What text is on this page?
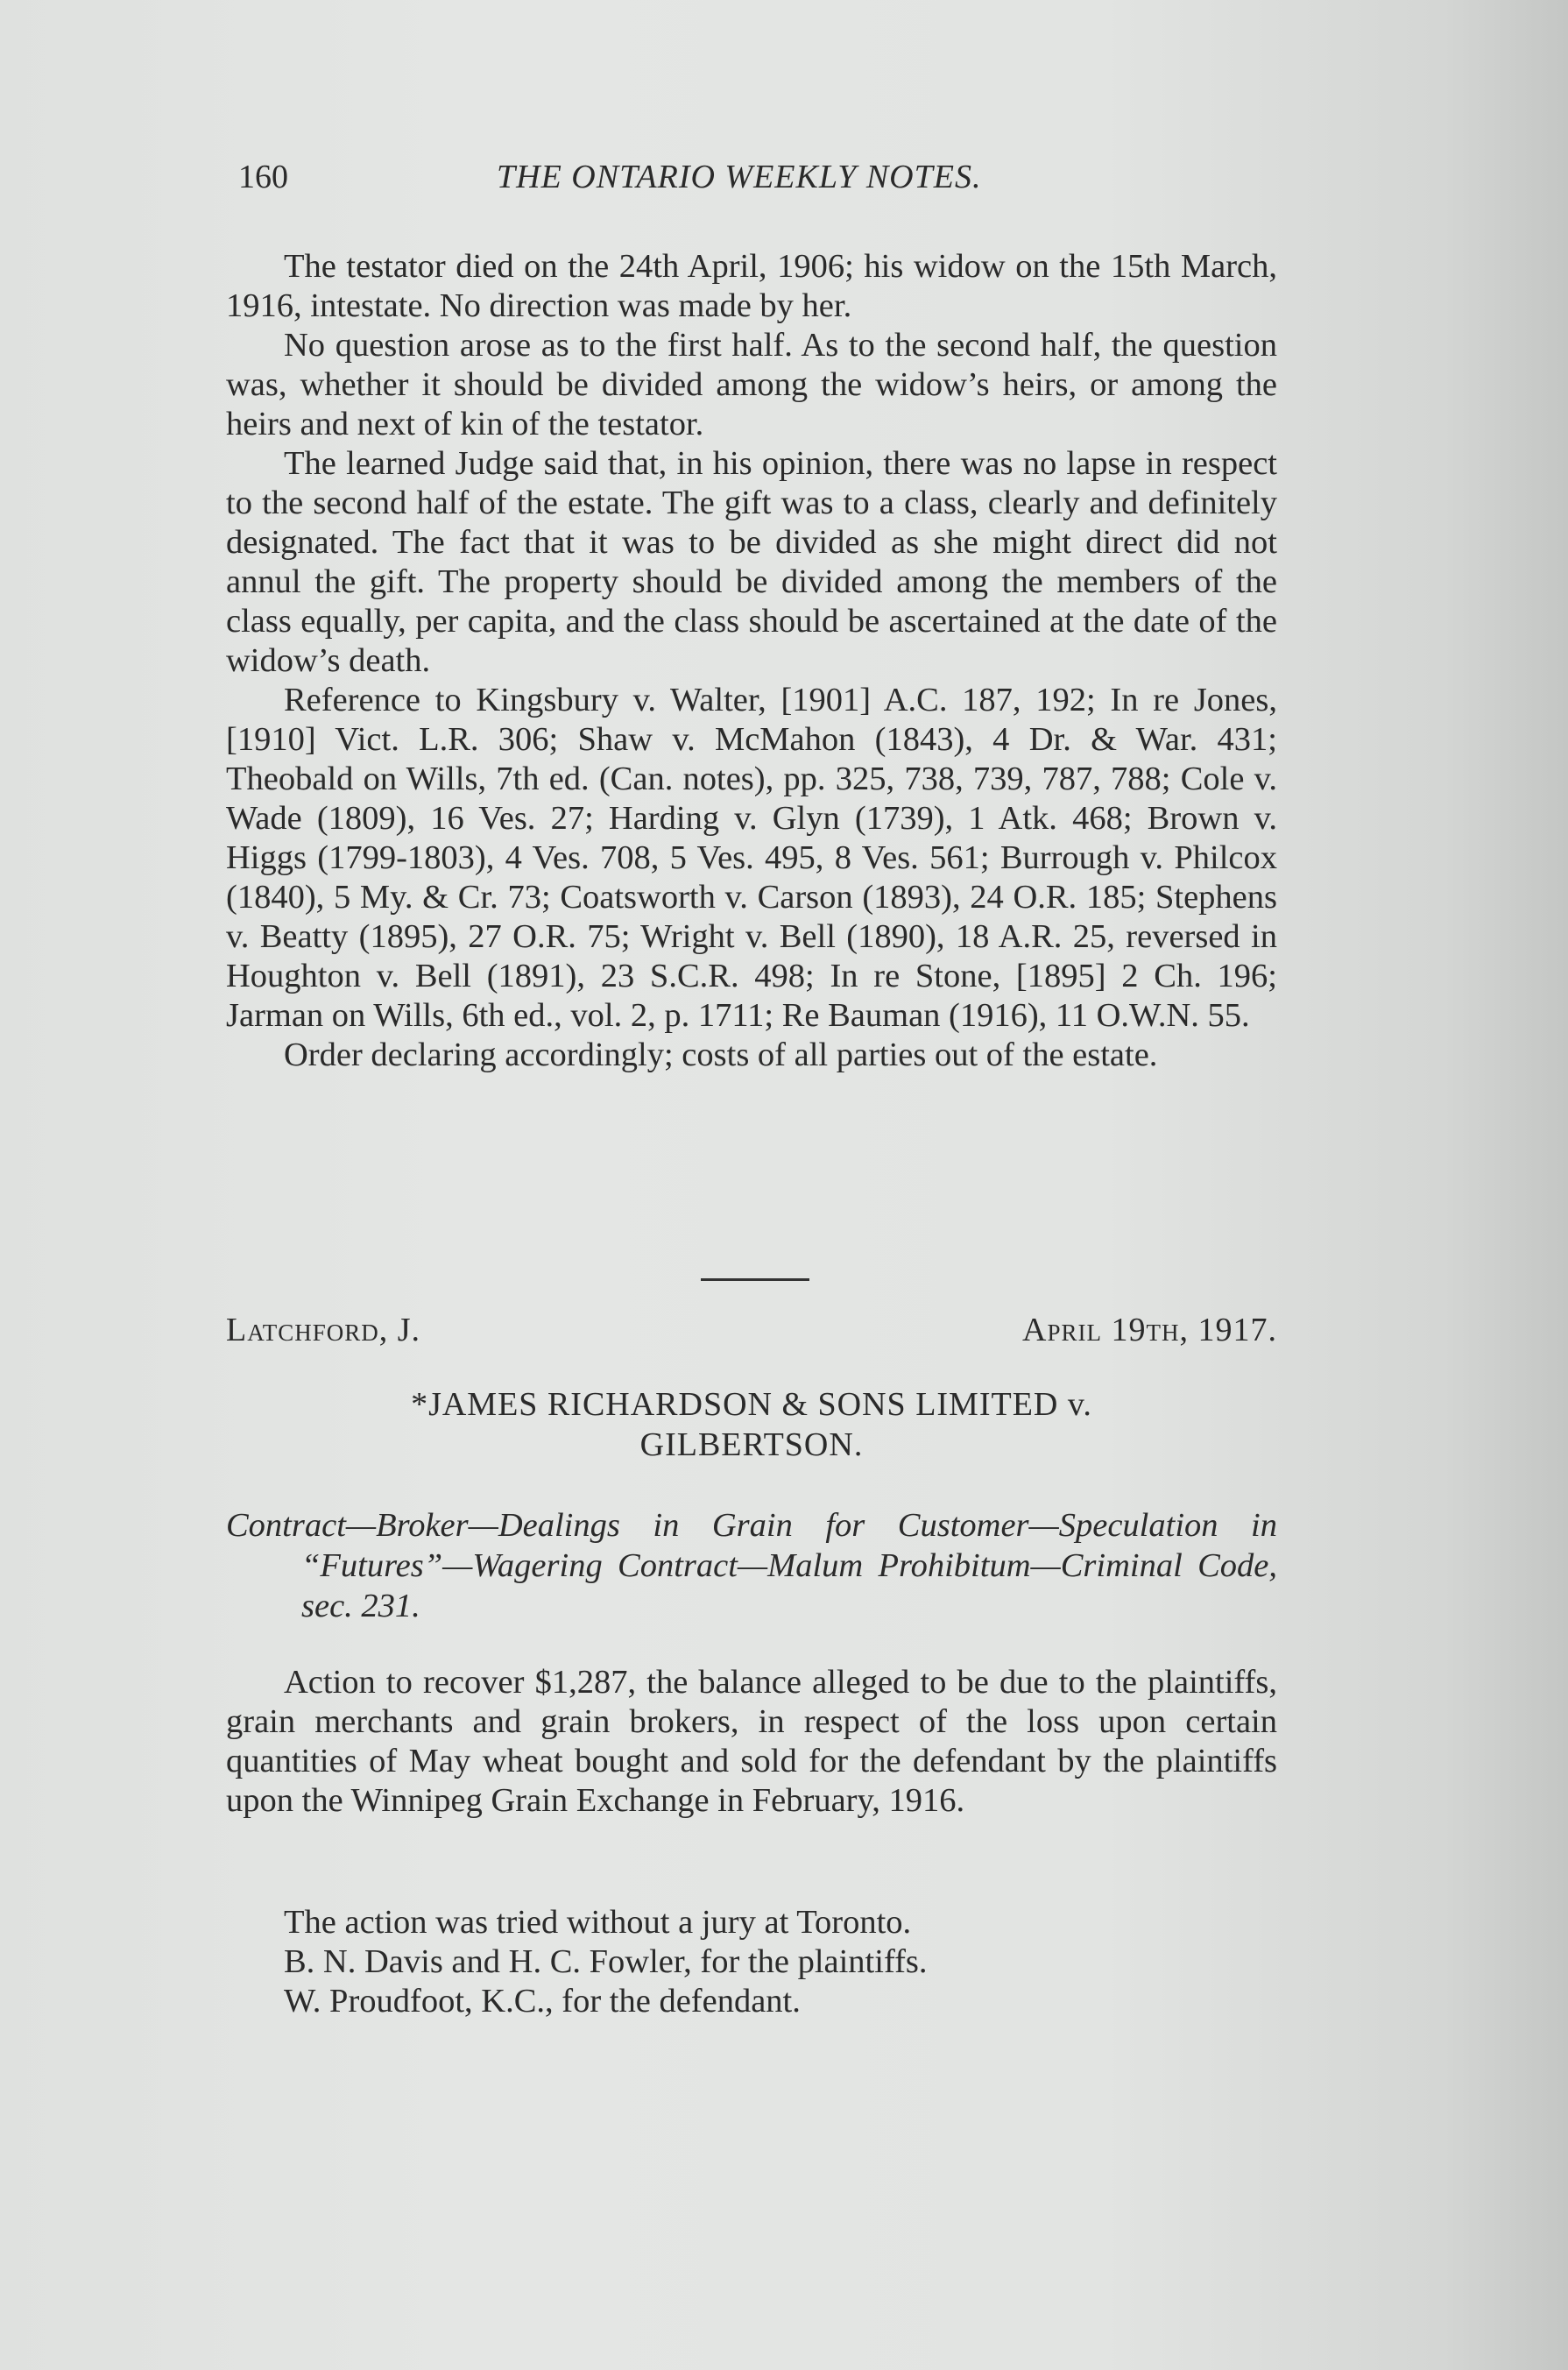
160	THE ONTARIO WEEKLY NOTES.

The testator died on the 24th April, 1906; his widow on the 15th March, 1916, intestate. No direction was made by her.

No question arose as to the first half. As to the second half, the question was, whether it should be divided among the widow’s heirs, or among the heirs and next of kin of the testator.

The learned Judge said that, in his opinion, there was no lapse in respect to the second half of the estate. The gift was to a class, clearly and definitely designated. The fact that it was to be divided as she might direct did not annul the gift. The property should be divided among the members of the class equally, per capita, and the class should be ascertained at the date of the widow’s death.

Reference to Kingsbury v. Walter, [1901] A.C. 187, 192; In re Jones, [1910] Vict. L.R. 306; Shaw v. McMahon (1843), 4 Dr. & War. 431; Theobald on Wills, 7th ed. (Can. notes), pp. 325, 738, 739, 787, 788; Cole v. Wade (1809), 16 Ves. 27; Harding v. Glyn (1739), 1 Atk. 468; Brown v. Higgs (1799-1803), 4 Ves. 708, 5 Ves. 495, 8 Ves. 561; Burrough v. Philcox (1840), 5 My. & Cr. 73; Coatsworth v. Carson (1893), 24 O.R. 185; Stephens v. Beatty (1895), 27 O.R. 75; Wright v. Bell (1890), 18 A.R. 25, reversed in Houghton v. Bell (1891), 23 S.C.R. 498; In re Stone, [1895] 2 Ch. 196; Jarman on Wills, 6th ed., vol. 2, p. 1711; Re Bauman (1916), 11 O.W.N. 55.

Order declaring accordingly; costs of all parties out of the estate.

Latchford, J.	April 19th, 1917.
*JAMES RICHARDSON & SONS LIMITED v.
GILBERTSON.

Contract—Broker—Dealings in Grain for Customer—Speculation in “Futures”—Wagering Contract—Malum Prohibitum—Criminal Code, sec. 231.

Action to recover $1,287, the balance alleged to be due to the plaintiffs, grain merchants and grain brokers, in respect of the loss upon certain quantities of May wheat bought and sold for the defendant by the plaintiffs upon the Winnipeg Grain Exchange in February, 1916.

The action was tried without a jury at Toronto.

B. N. Davis and H. C. Fowler, for the plaintiffs.

W. Proudfoot, K.C., for the defendant.
